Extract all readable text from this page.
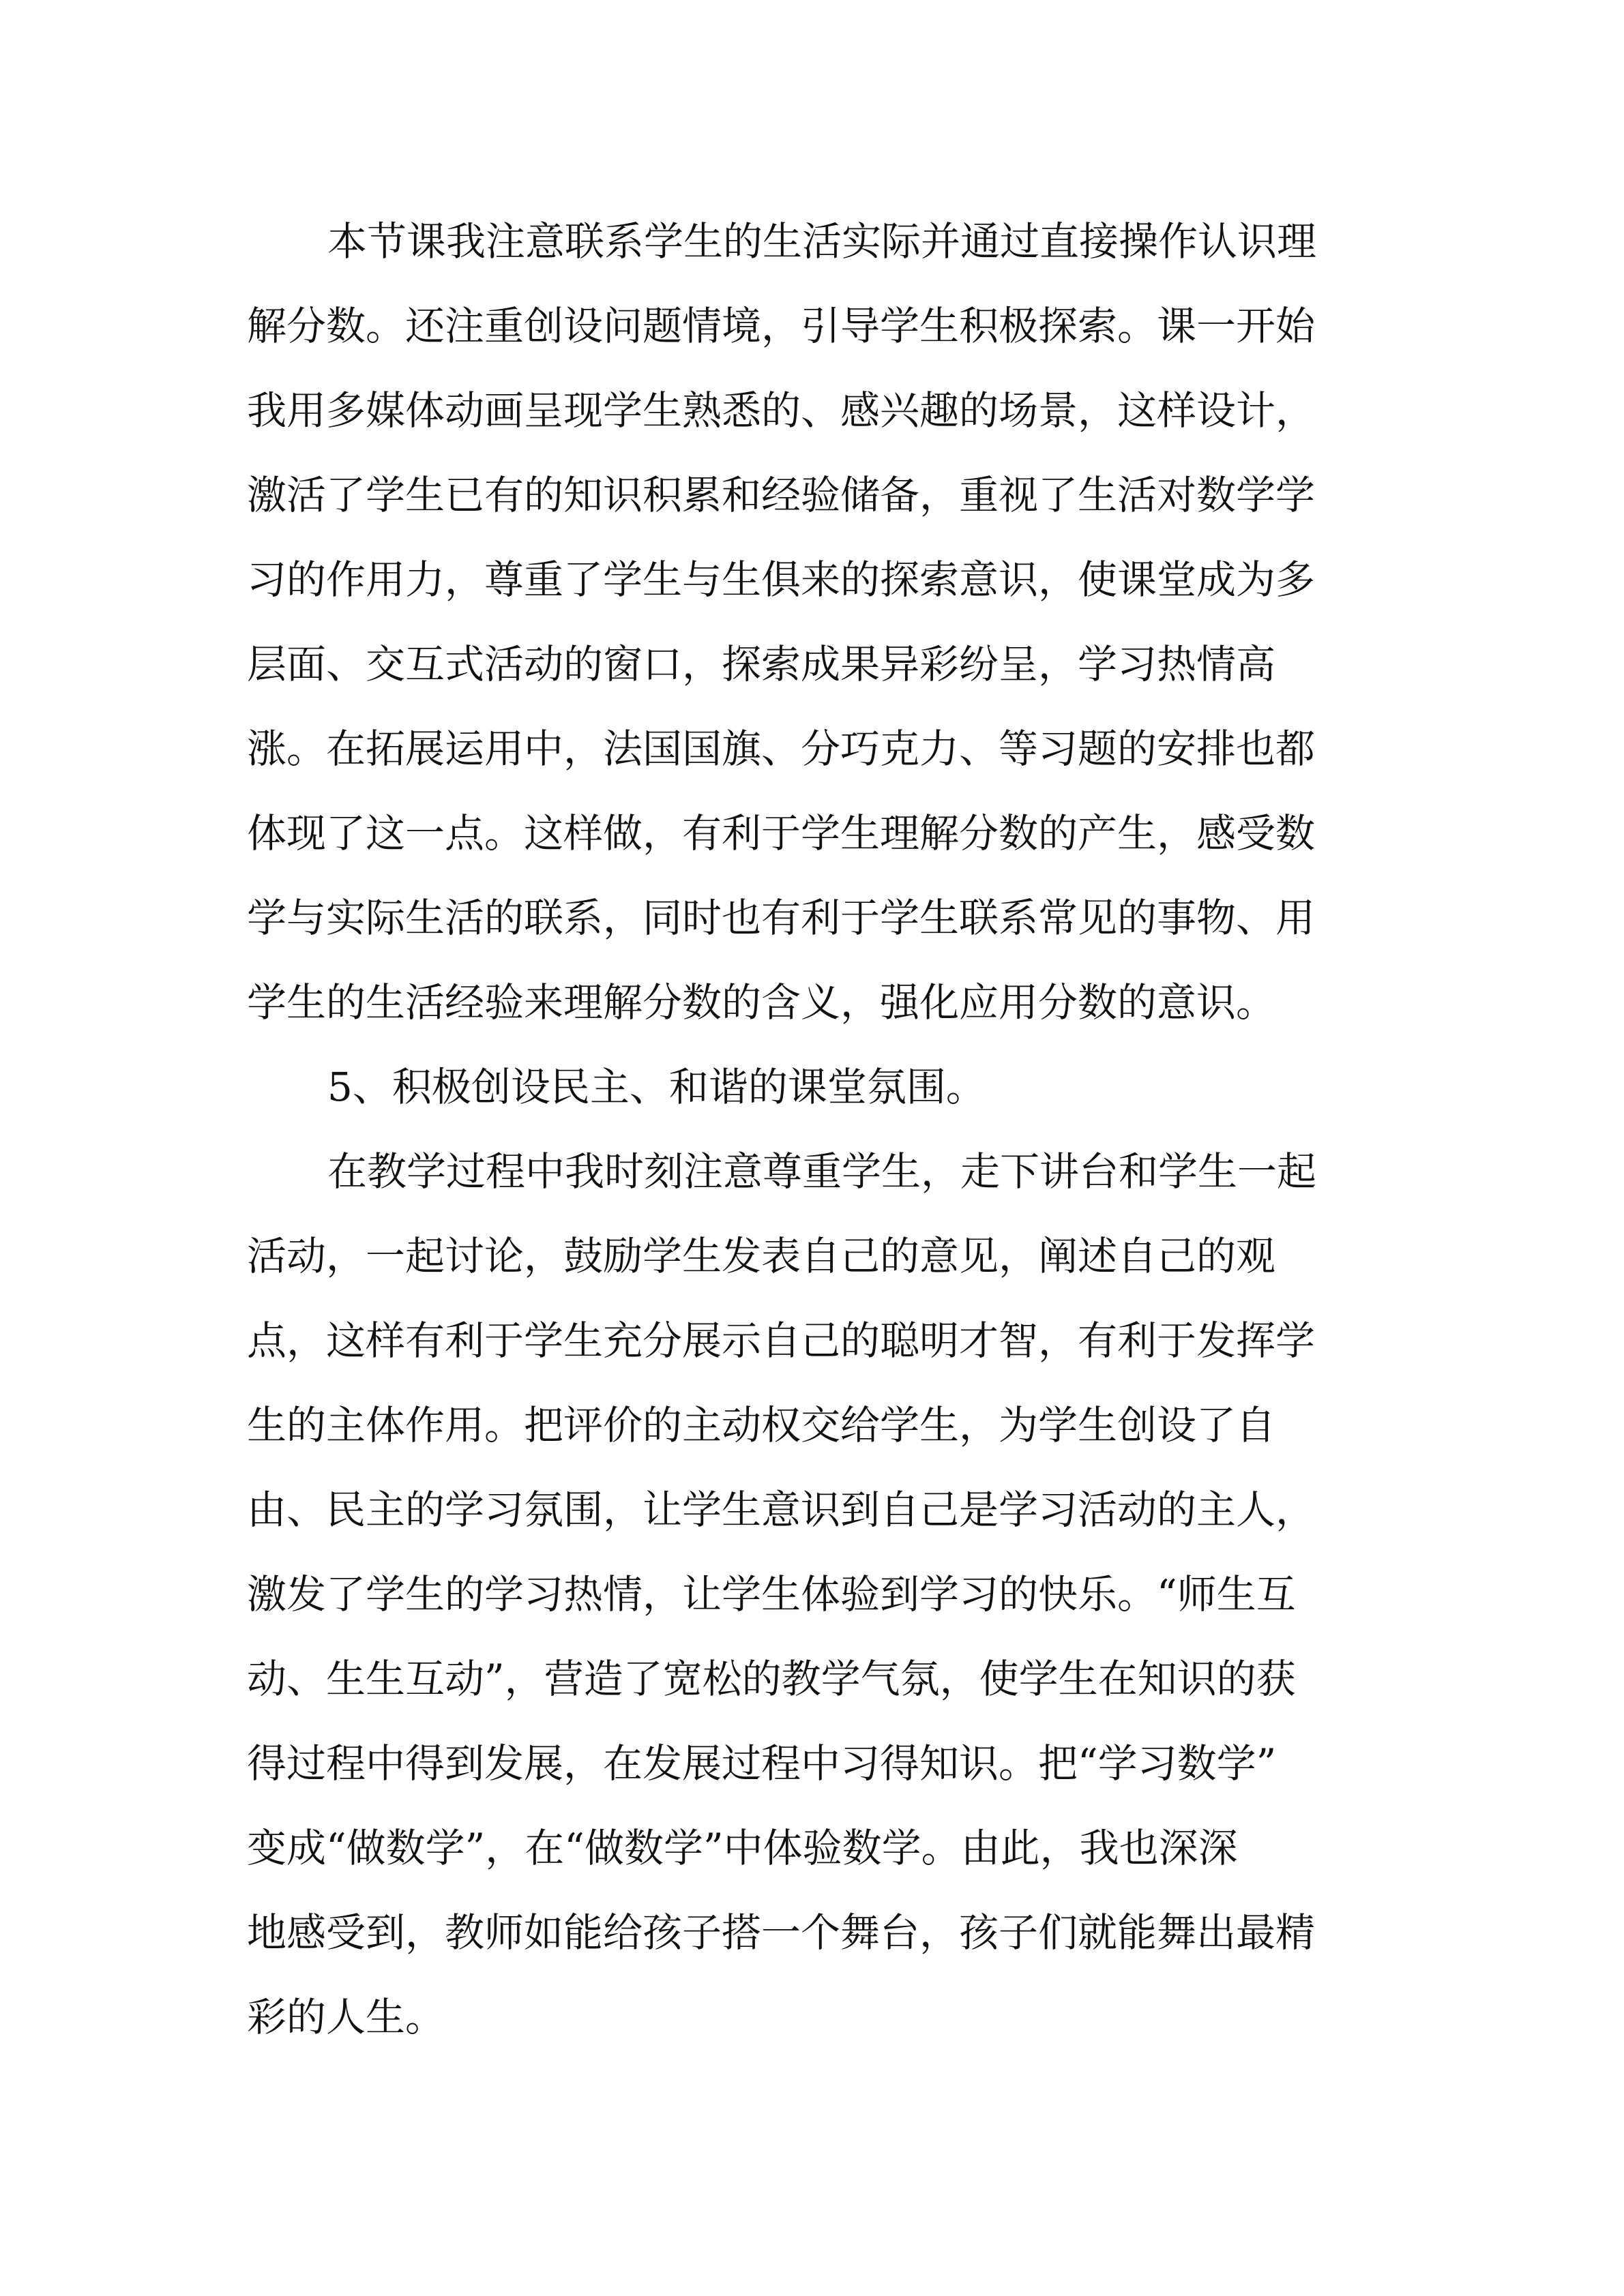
本节课我注意联系学生的生活实际并通过直接操作认识理
解分数。还注重创设问题情境，引导学生积极探索。课一开始
我用多媒体动画呈现学生熟悉的、感兴趣的场景，这样设计，
激活了学生已有的知识积累和经验储备，重视了生活对数学学
习的作用力，尊重了学生与生俱来的探索意识，使课堂成为多
层面、交互式活动的窗口，探索成果异彩纷呈，学习热情高
涨。在拓展运用中，法国国旗、分巧克力、等习题的安排也都
体现了这一点。这样做，有利于学生理解分数的产生，感受数
学与实际生活的联系，同时也有利于学生联系常见的事物、用
学生的生活经验来理解分数的含义，强化应用分数的意识。
5、积极创设民主、和谐的课堂氛围。
在教学过程中我时刻注意尊重学生，走下讲台和学生一起
活动，一起讨论，鼓励学生发表自己的意见，阐述自己的观
点，这样有利于学生充分展示自己的聪明才智，有利于发挥学
生的主体作用。把评价的主动权交给学生，为学生创设了自
由、民主的学习氛围，让学生意识到自己是学习活动的主人，
激发了学生的学习热情，让学生体验到学习的快乐。“师生互
动、生生互动”，营造了宽松的教学气氛，使学生在知识的获
得过程中得到发展，在发展过程中习得知识。把“学习数学”
变成“做数学”，在“做数学”中体验数学。由此，我也深深
地感受到，教师如能给孩子搭一个舞台，孩子们就能舞出最精
彩的人生。
